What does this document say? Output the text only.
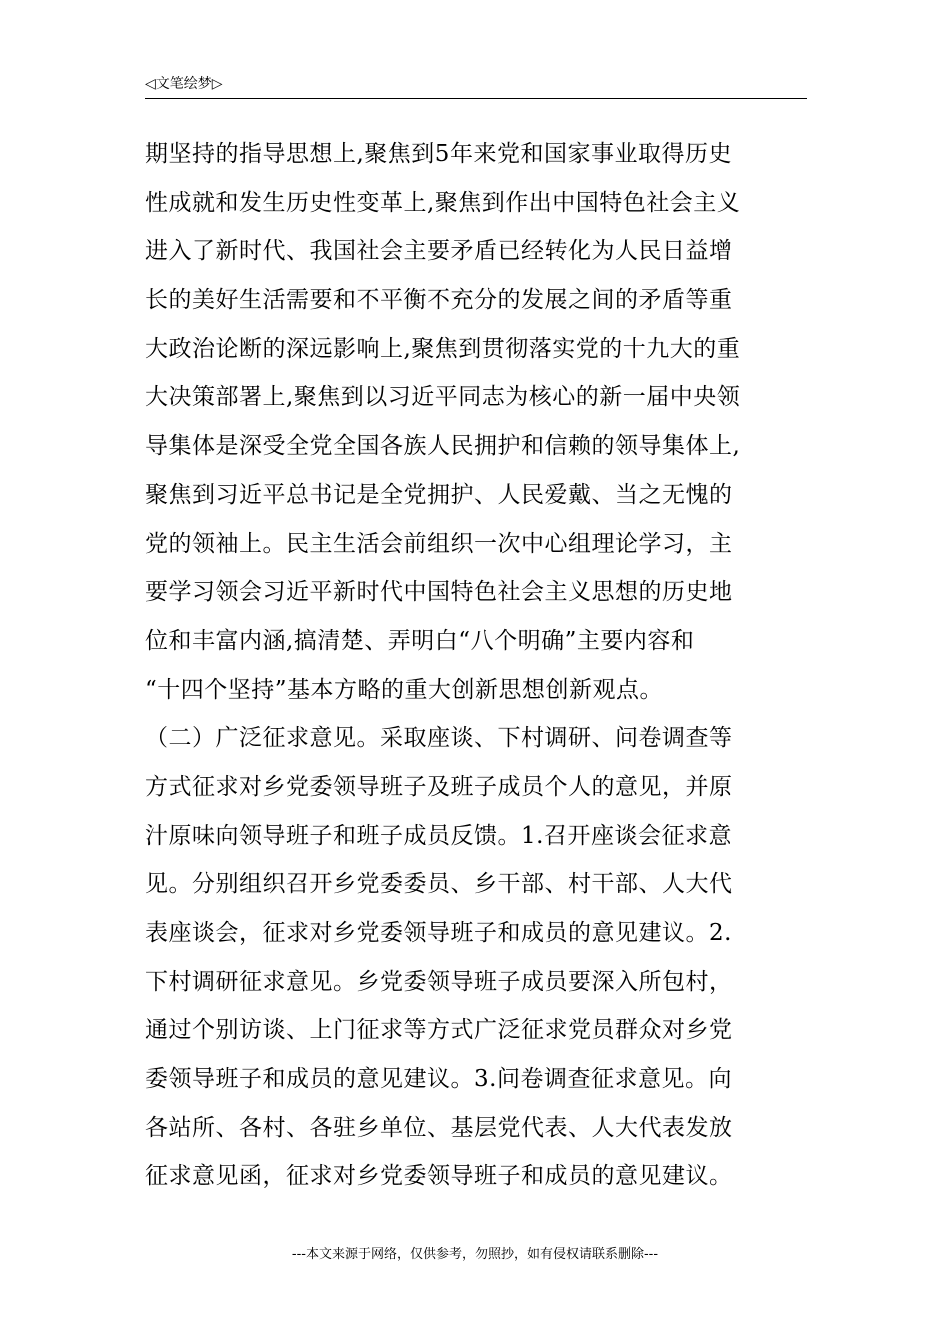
◁文笔绘梦▷
期坚持的指导思想上,聚焦到5年来党和国家事业取得历史
性成就和发生历史性变革上,聚焦到作出中国特色社会主义
进入了新时代、我国社会主要矛盾已经转化为人民日益增
长的美好生活需要和不平衡不充分的发展之间的矛盾等重
大政治论断的深远影响上,聚焦到贯彻落实党的十九大的重
大决策部署上,聚焦到以习近平同志为核心的新一届中央领
导集体是深受全党全国各族人民拥护和信赖的领导集体上,
聚焦到习近平总书记是全党拥护、人民爱戴、当之无愧的
党的领袖上。民主生活会前组织一次中心组理论学习，主
要学习领会习近平新时代中国特色社会主义思想的历史地
位和丰富内涵,搞清楚、弄明白“八个明确”主要内容和
“十四个坚持”基本方略的重大创新思想创新观点。
（二）广泛征求意见。采取座谈、下村调研、问卷调查等
方式征求对乡党委领导班子及班子成员个人的意见，并原
汁原味向领导班子和班子成员反馈。1.召开座谈会征求意
见。分别组织召开乡党委委员、乡干部、村干部、人大代
表座谈会，征求对乡党委领导班子和成员的意见建议。2.
下村调研征求意见。乡党委领导班子成员要深入所包村，
通过个别访谈、上门征求等方式广泛征求党员群众对乡党
委领导班子和成员的意见建议。3.问卷调查征求意见。向
各站所、各村、各驻乡单位、基层党代表、人大代表发放
征求意见函，征求对乡党委领导班子和成员的意见建议。
---本文来源于网络，仅供参考，勿照抄，如有侵权请联系删除---
